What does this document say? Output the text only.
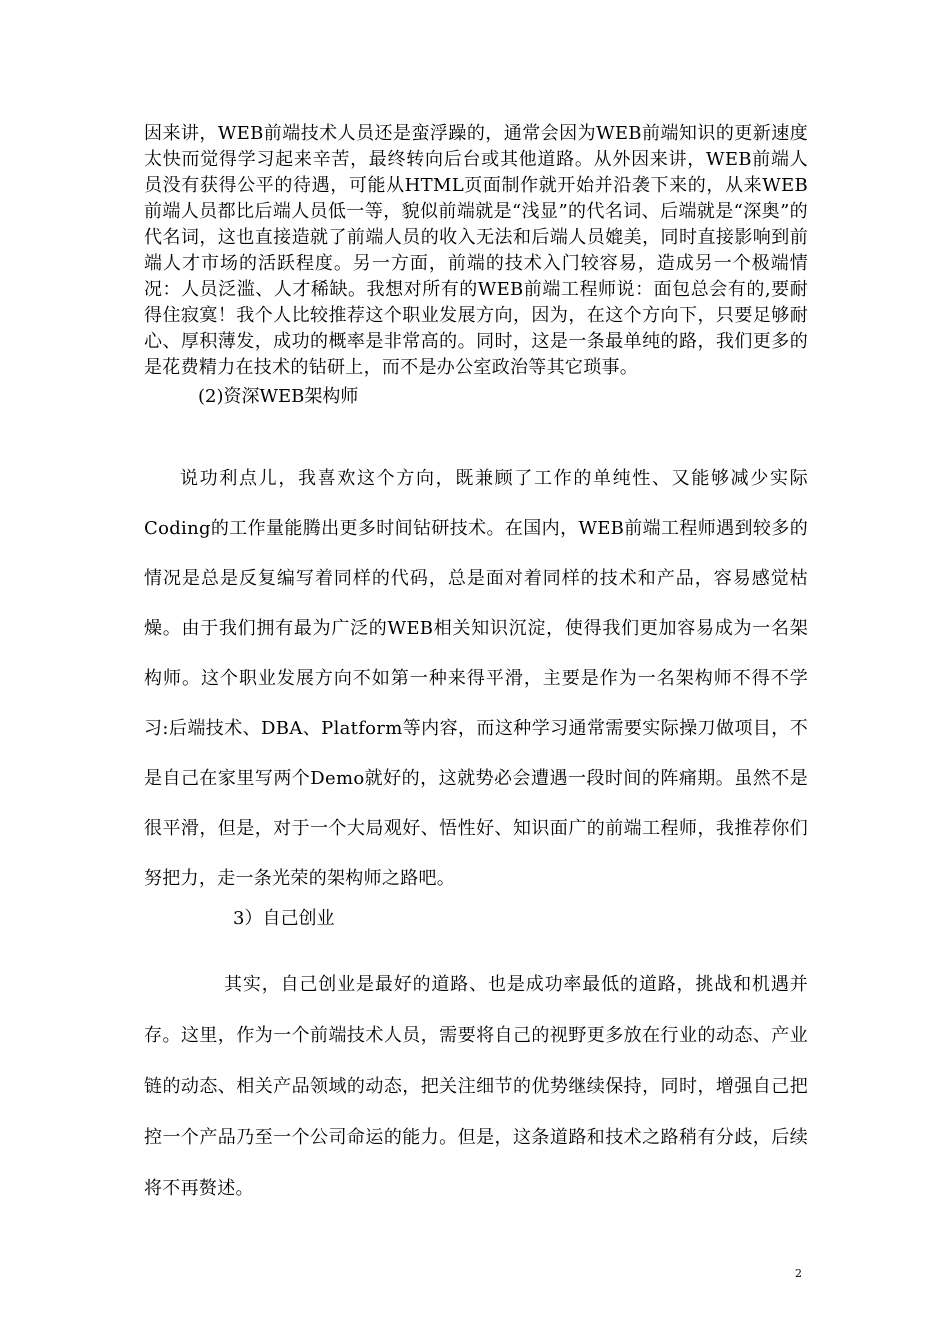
因来讲，WEB前端技术人员还是蛮浮躁的，通常会因为WEB前端知识的更新速度太快而觉得学习起来辛苦，最终转向后台或其他道路。从外因来讲，WEB前端人员没有获得公平的待遇，可能从HTML页面制作就开始并沿袭下来的，从来WEB前端人员都比后端人员低一等，貌似前端就是“浅显”的代名词、后端就是“深奥”的代名词，这也直接造就了前端人员的收入无法和后端人员媲美，同时直接影响到前端人才市场的活跃程度。另一方面，前端的技术入门较容易，造成另一个极端情况：人员泛滥、人才稀缺。我想对所有的WEB前端工程师说：面包总会有的,要耐得住寂寞！我个人比较推荐这个职业发展方向，因为，在这个方向下，只要足够耐心、厚积薄发，成功的概率是非常高的。同时，这是一条最单纯的路，我们更多的是花费精力在技术的钻研上，而不是办公室政治等其它琐事。

(2)资深WEB架构师

说功利点儿，我喜欢这个方向，既兼顾了工作的单纯性、又能够减少实际Coding的工作量能腾出更多时间钻研技术。在国内，WEB前端工程师遇到较多的情况是总是反复编写着同样的代码，总是面对着同样的技术和产品，容易感觉枯燥。由于我们拥有最为广泛的WEB相关知识沉淀，使得我们更加容易成为一名架构师。这个职业发展方向不如第一种来得平滑，主要是作为一名架构师不得不学习:后端技术、DBA、Platform等内容，而这种学习通常需要实际操刀做项目，不是自己在家里写两个Demo就好的，这就势必会遭遇一段时间的阵痛期。虽然不是很平滑，但是，对于一个大局观好、悟性好、知识面广的前端工程师，我推荐你们努把力，走一条光荣的架构师之路吧。

3）自己创业

其实，自己创业是最好的道路、也是成功率最低的道路，挑战和机遇并存。这里，作为一个前端技术人员，需要将自己的视野更多放在行业的动态、产业链的动态、相关产品领域的动态，把关注细节的优势继续保持，同时，增强自己把控一个产品乃至一个公司命运的能力。但是，这条道路和技术之路稍有分歧，后续将不再赘述。

2
